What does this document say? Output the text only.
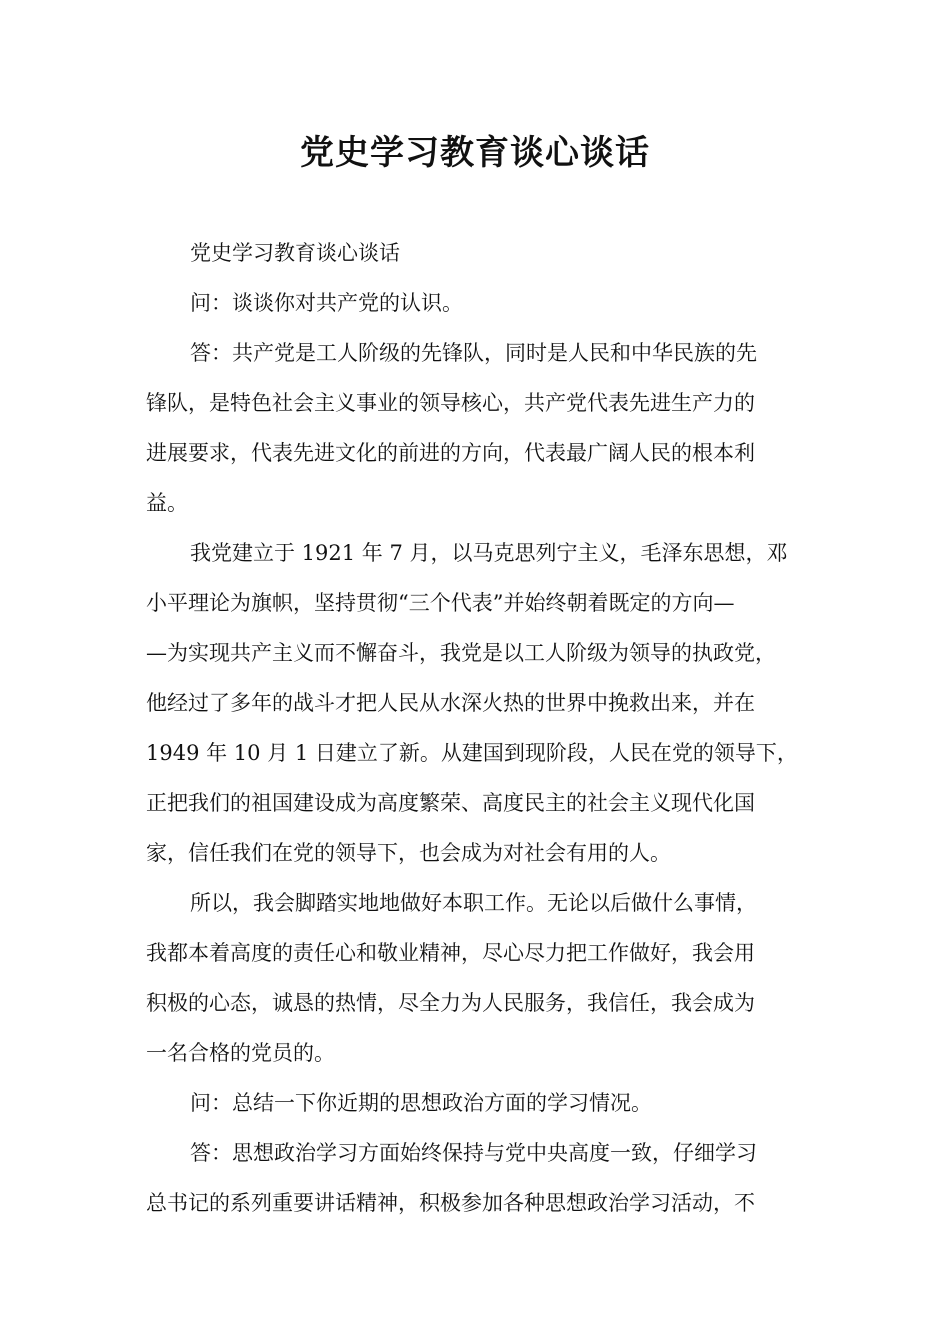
党史学习教育谈心谈话
党史学习教育谈心谈话
问：谈谈你对共产党的认识。
答：共产党是工人阶级的先锋队，同时是人民和中华民族的先
锋队，是特色社会主义事业的领导核心，共产党代表先进生产力的
进展要求，代表先进文化的前进的方向，代表最广阔人民的根本利
益。
我党建立于 1921 年 7 月，以马克思列宁主义，毛泽东思想，邓
小平理论为旗帜，坚持贯彻“三个代表”并始终朝着既定的方向—
—为实现共产主义而不懈奋斗，我党是以工人阶级为领导的执政党，
他经过了多年的战斗才把人民从水深火热的世界中挽救出来，并在
1949 年 10 月 1 日建立了新。从建国到现阶段，人民在党的领导下，
正把我们的祖国建设成为高度繁荣、高度民主的社会主义现代化国
家，信任我们在党的领导下，也会成为对社会有用的人。
所以，我会脚踏实地地做好本职工作。无论以后做什么事情，
我都本着高度的责任心和敬业精神，尽心尽力把工作做好，我会用
积极的心态，诚恳的热情，尽全力为人民服务，我信任，我会成为
一名合格的党员的。
问：总结一下你近期的思想政治方面的学习情况。
答：思想政治学习方面始终保持与党中央高度一致，仔细学习
总书记的系列重要讲话精神，积极参加各种思想政治学习活动，不
